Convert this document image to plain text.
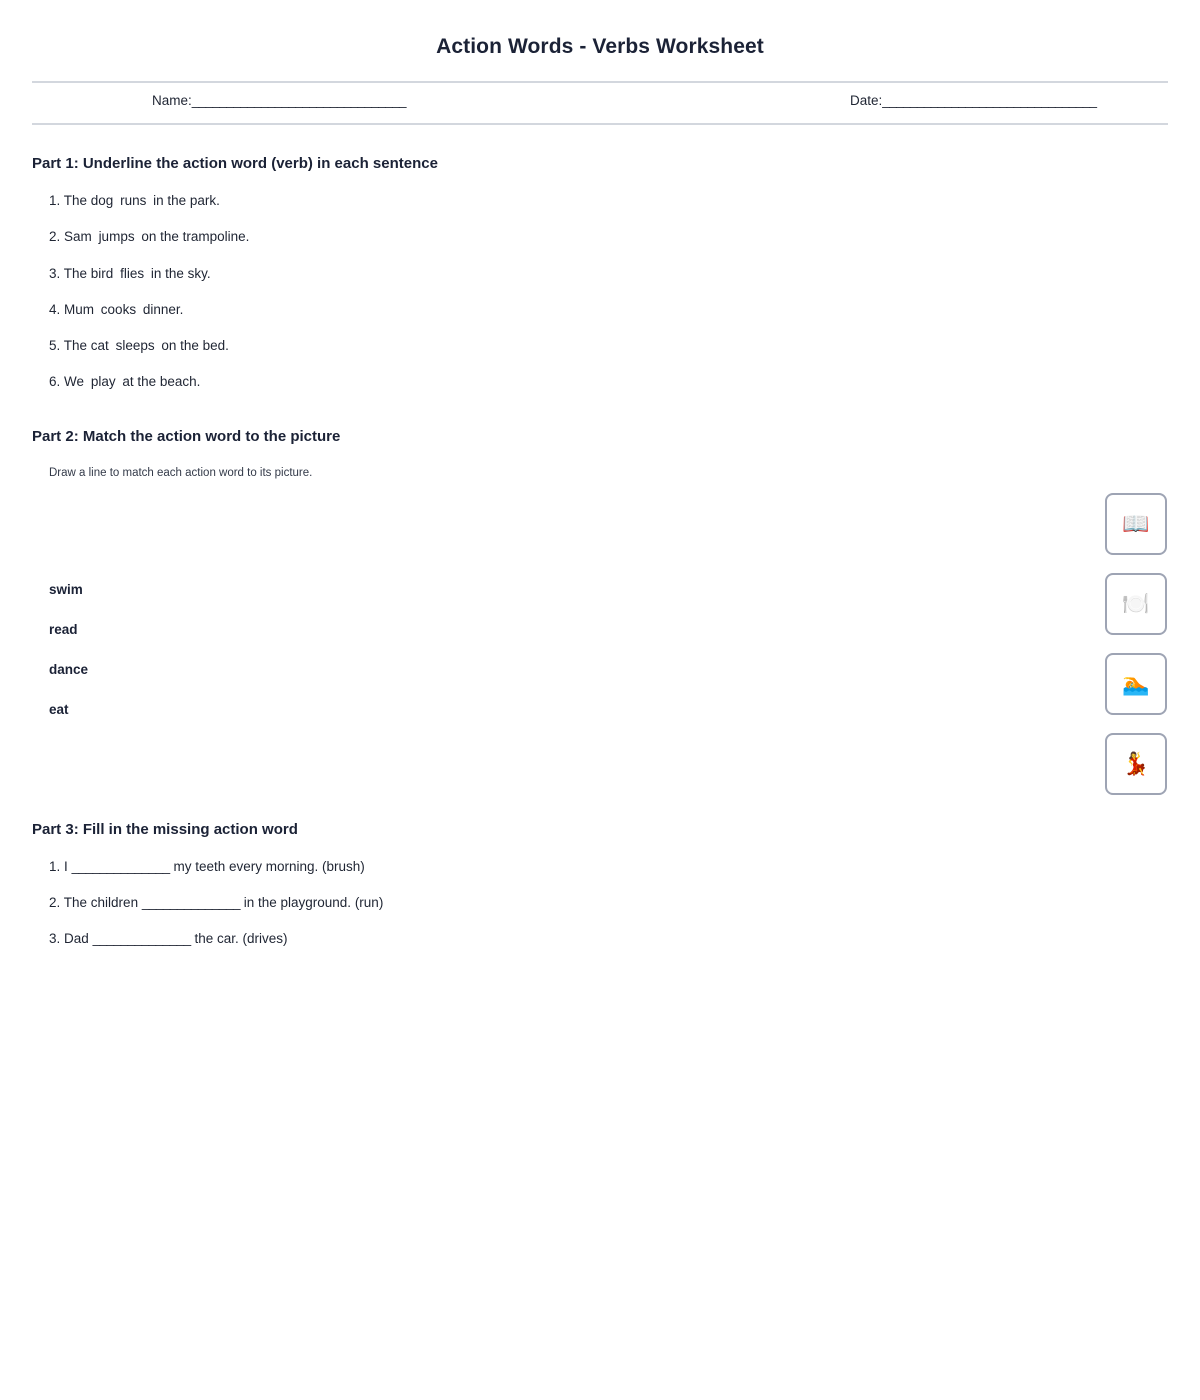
Action Words - Verbs Worksheet
Name:_______________________________	Date:_______________________________
Part 1: Underline the action word (verb) in each sentence
1. The dog runs in the park.
2. Sam jumps on the trampoline.
3. The bird flies in the sky.
4. Mum cooks dinner.
5. The cat sleeps on the bed.
6. We play at the beach.
Part 2: Match the action word to the picture

Draw a line to match each action word to its picture.

swim
read
dance
eat
📖
🍽️
🏊
💃
Part 3: Fill in the missing action word
1. I ______________ my teeth every morning. (brush)
2. The children ______________ in the playground. (run)
3. Dad ______________ the car. (drives)
